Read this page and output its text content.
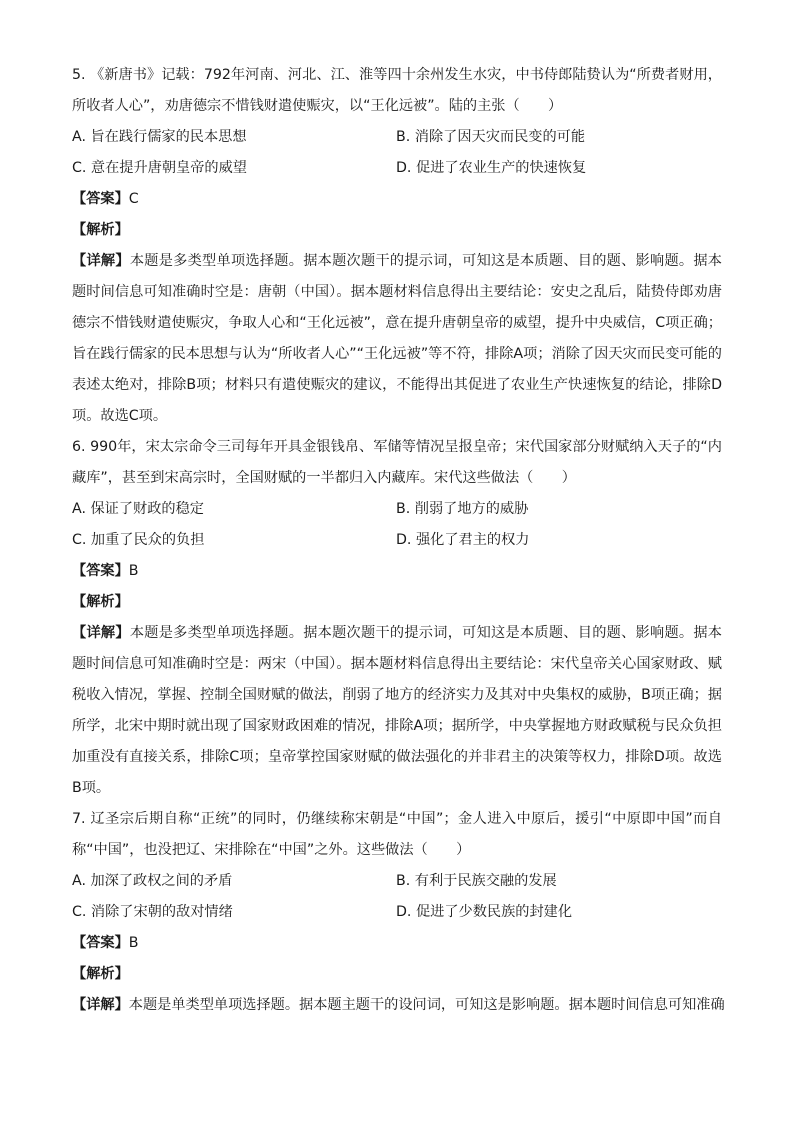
5. 《新唐书》记载：792年河南、河北、江、淮等四十余州发生水灾，中书侍郎陆贽认为“所费者财用，所收者人心”，劝唐德宗不惜钱财遣使赈灾，以“王化远被”。陆的主张（　　）
A. 旨在践行儒家的民本思想	B. 消除了因天灾而民变的可能
C. 意在提升唐朝皇帝的威望	D. 促进了农业生产的快速恢复
【答案】C
【解析】
【详解】本题是多类型单项选择题。据本题次题干的提示词，可知这是本质题、目的题、影响题。据本题时间信息可知准确时空是：唐朝（中国）。据本题材料信息得出主要结论：安史之乱后，陆贽侍郎劝唐德宗不惜钱财遣使赈灾，争取人心和“王化远被”，意在提升唐朝皇帝的威望，提升中央威信，C项正确；旨在践行儒家的民本思想与认为“所收者人心”“王化远被”等不符，排除A项；消除了因天灾而民变可能的表述太绝对，排除B项；材料只有遣使赈灾的建议，不能得出其促进了农业生产快速恢复的结论，排除D项。故选C项。
6. 990年，宋太宗命令三司每年开具金银钱帛、军储等情况呈报皇帝；宋代国家部分财赋纳入天子的“内藏库”，甚至到宋高宗时，全国财赋的一半都归入内藏库。宋代这些做法（　　）
A. 保证了财政的稳定	B. 削弱了地方的威胁
C. 加重了民众的负担	D. 强化了君主的权力
【答案】B
【解析】
【详解】本题是多类型单项选择题。据本题次题干的提示词，可知这是本质题、目的题、影响题。据本题时间信息可知准确时空是：两宋（中国）。据本题材料信息得出主要结论：宋代皇帝关心国家财政、赋税收入情况，掌握、控制全国财赋的做法，削弱了地方的经济实力及其对中央集权的威胁，B项正确；据所学，北宋中期时就出现了国家财政困难的情况，排除A项；据所学，中央掌握地方财政赋税与民众负担加重没有直接关系，排除C项；皇帝掌控国家财赋的做法强化的并非君主的决策等权力，排除D项。故选B项。
7. 辽圣宗后期自称“正统”的同时，仍继续称宋朝是“中国”；金人进入中原后，援引“中原即中国”而自称“中国”，也没把辽、宋排除在“中国”之外。这些做法（　　）
A. 加深了政权之间的矛盾	B. 有利于民族交融的发展
C. 消除了宋朝的敌对情绪	D. 促进了少数民族的封建化
【答案】B
【解析】
【详解】本题是单类型单项选择题。据本题主题干的设问词，可知这是影响题。据本题时间信息可知准确
